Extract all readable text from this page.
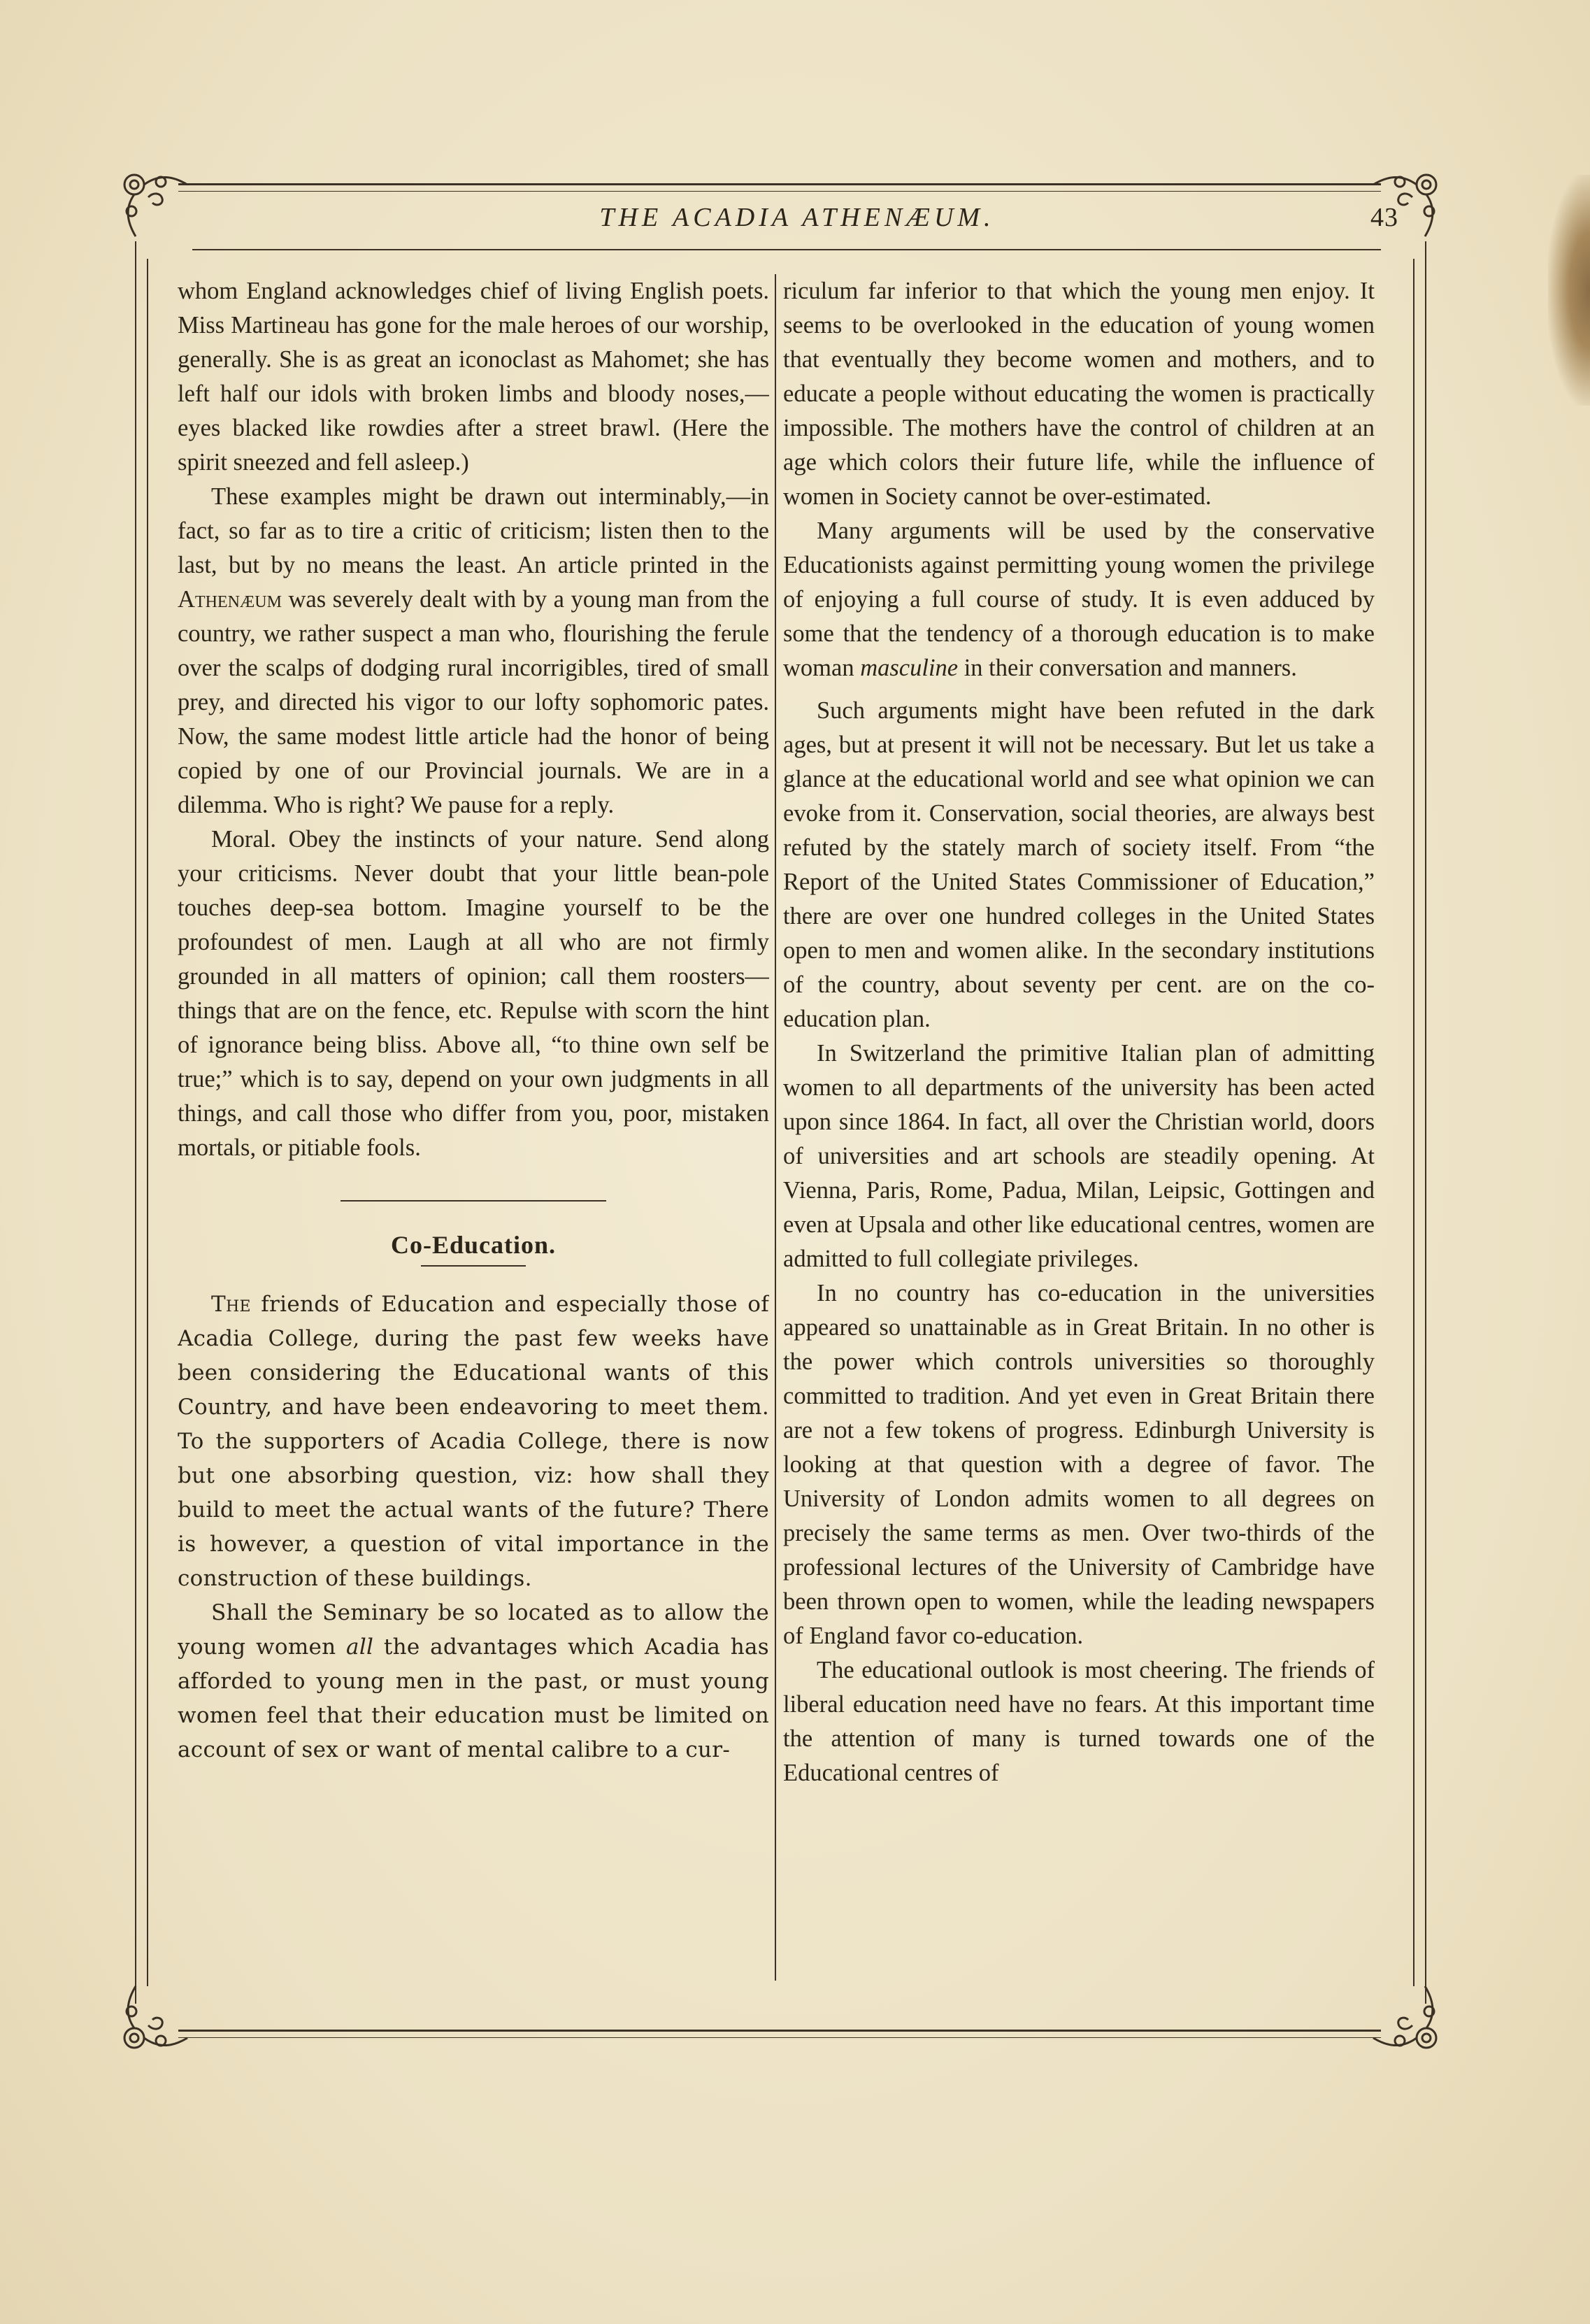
THE ACADIA ATHENÆUM.	43

whom England acknowledges chief of living English poets. Miss Martineau has gone for the male heroes of our worship, generally. She is as great an iconoclast as Mahomet; she has left half our idols with broken limbs and bloody noses,—eyes blacked like rowdies after a street brawl. (Here the spirit sneezed and fell asleep.)

These examples might be drawn out interminably,—in fact, so far as to tire a critic of criticism; listen then to the last, but by no means the least. An article printed in the Athenæum was severely dealt with by a young man from the country, we rather suspect a man who, flourishing the ferule over the scalps of dodging rural incorrigibles, tired of small prey, and directed his vigor to our lofty sophomoric pates. Now, the same modest little article had the honor of being copied by one of our Provincial journals. We are in a dilemma. Who is right? We pause for a reply.

Moral. Obey the instincts of your nature. Send along your criticisms. Never doubt that your little bean-pole touches deep-sea bottom. Imagine yourself to be the profoundest of men. Laugh at all who are not firmly grounded in all matters of opinion; call them roosters—things that are on the fence, etc. Repulse with scorn the hint of ignorance being bliss. Above all, “to thine own self be true;” which is to say, depend on your own judgments in all things, and call those who differ from you, poor, mistaken mortals, or pitiable fools.

Co-Education.

The friends of Education and especially those of Acadia College, during the past few weeks have been considering the Educational wants of this Country, and have been endeavoring to meet them. To the supporters of Acadia College, there is now but one absorbing question, viz: how shall they build to meet the actual wants of the future? There is however, a question of vital importance in the construction of these buildings.

Shall the Seminary be so located as to allow the young women all the advantages which Acadia has afforded to young men in the past, or must young women feel that their education must be limited on account of sex or want of mental calibre to a cur-

riculum far inferior to that which the young men enjoy. It seems to be overlooked in the education of young women that eventually they become women and mothers, and to educate a people without educating the women is practically impossible. The mothers have the control of children at an age which colors their future life, while the influence of women in Society cannot be over-estimated.

Many arguments will be used by the conservative Educationists against permitting young women the privilege of enjoying a full course of study. It is even adduced by some that the tendency of a thorough education is to make woman masculine in their conversation and manners.

Such arguments might have been refuted in the dark ages, but at present it will not be necessary. But let us take a glance at the educational world and see what opinion we can evoke from it. Conservation, social theories, are always best refuted by the stately march of society itself. From “the Report of the United States Commissioner of Education,” there are over one hundred colleges in the United States open to men and women alike. In the secondary institutions of the country, about seventy per cent. are on the co-education plan.

In Switzerland the primitive Italian plan of admitting women to all departments of the university has been acted upon since 1864. In fact, all over the Christian world, doors of universities and art schools are steadily opening. At Vienna, Paris, Rome, Padua, Milan, Leipsic, Gottingen and even at Upsala and other like educational centres, women are admitted to full collegiate privileges.

In no country has co-education in the universities appeared so unattainable as in Great Britain. In no other is the power which controls universities so thoroughly committed to tradition. And yet even in Great Britain there are not a few tokens of progress. Edinburgh University is looking at that question with a degree of favor. The University of London admits women to all degrees on precisely the same terms as men. Over two-thirds of the professional lectures of the University of Cambridge have been thrown open to women, while the leading newspapers of England favor co-education.

The educational outlook is most cheering. The friends of liberal education need have no fears. At this important time the attention of many is turned towards one of the Educational centres of
